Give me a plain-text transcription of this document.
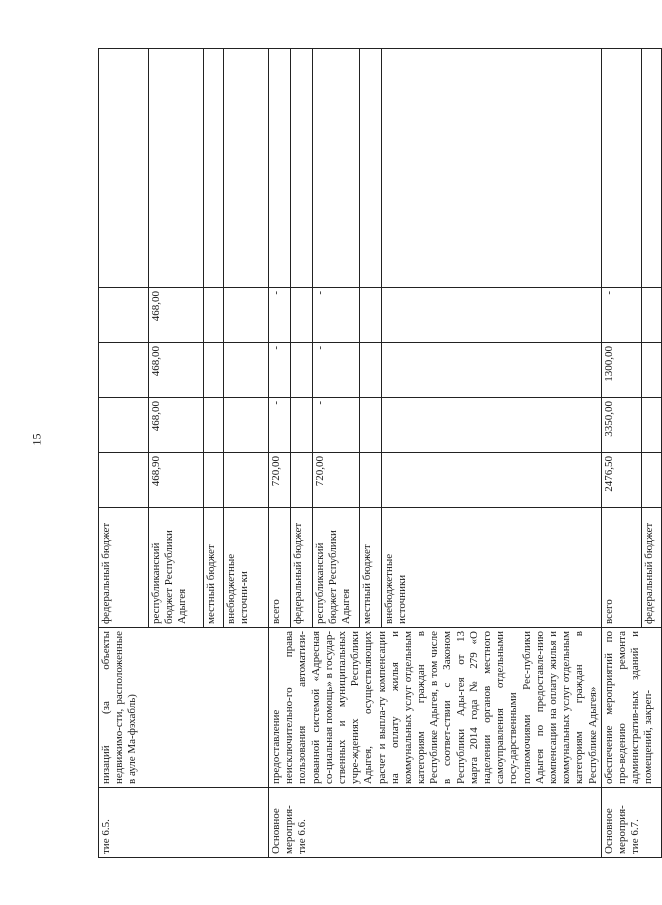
15
тие 6.5.	низаций (за объекты недвижимо-сти, расположенные в ауле Ма-фэхабль)	федеральный бюджет					
		республиканский бюджет Республики Адыгея	468,90	468,00	468,00	468,00	
		местный бюджет					
		внебюджетные источни-ки					
Основное мероприя-тие 6.6.	предоставление неисключительно-го права пользования автоматизи-рованной системой «Адресная со-циальная помощь» в государ-ственных и муниципальных учре-ждениях Республики Адыгея, осуществляющих расчет и выпла-ту компенсации на оплату жилья и коммунальных услуг отдельным категориям граждан в Республике Адыгея, в том числе в соответ-ствии с Законом Республики Ады-гея от 13 марта 2014 года № 279 «О наделении органов местного самоуправления отдельными госу-дарственными полномочиями Рес-публики Адыгея по предоставле-нию компенсации на оплату жилья и коммунальных услуг отдельным категориям граждан в Республике Адыгея»	всего	720,00	-	-	-	
		федеральный бюджет					
		республиканский бюджет Республики Адыгея	720,00	-	-	-	
		местный бюджет					
		внебюджетные источники					
Основное мероприя-тие 6.7.	обеспечение мероприятий по про-ведению ремонта административ-ных зданий и помещений, закреп-	всего	2476,50	3350,00	1300,00	-	
		федеральный бюджет					
